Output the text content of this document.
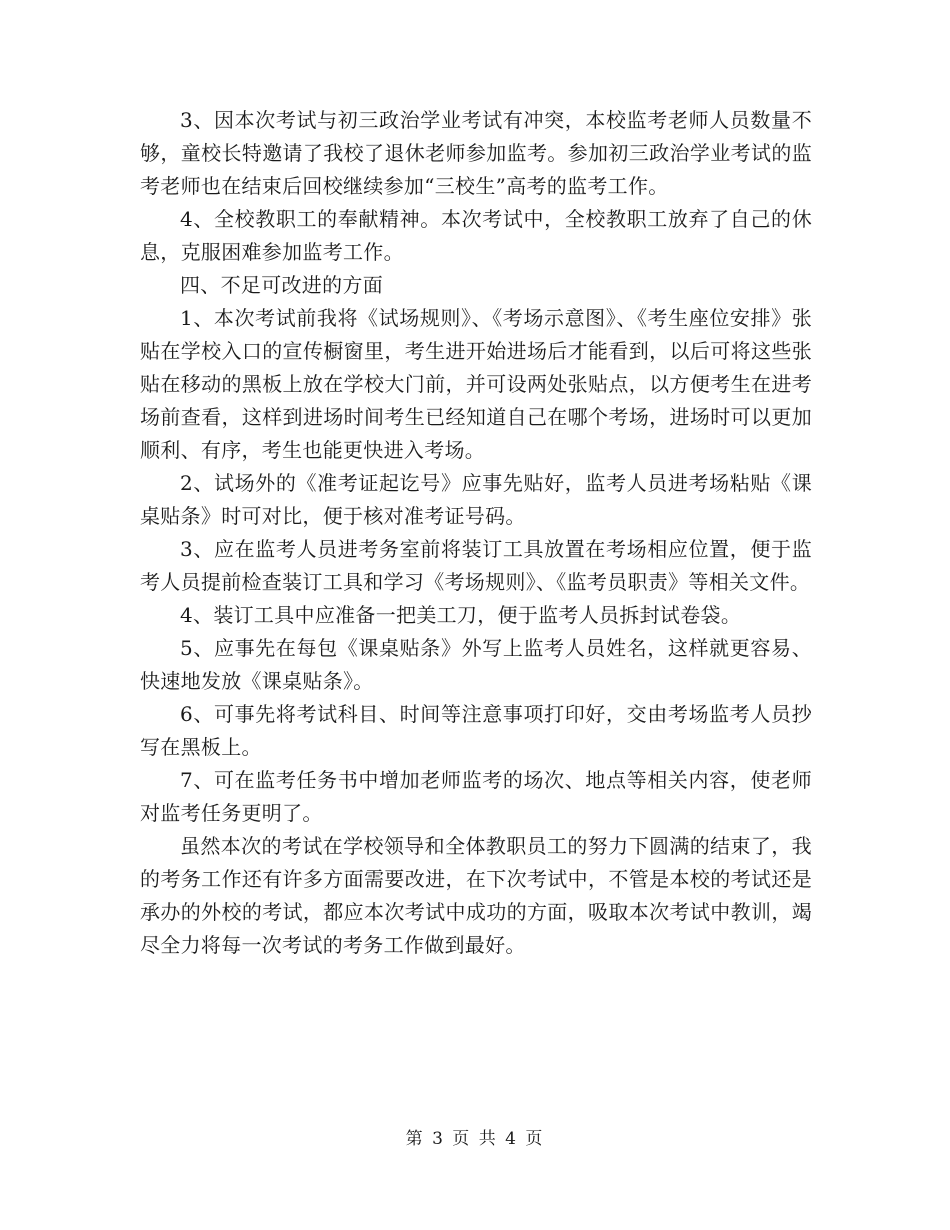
3、因本次考试与初三政治学业考试有冲突，本校监考老师人员数量不够，童校长特邀请了我校了退休老师参加监考。参加初三政治学业考试的监考老师也在结束后回校继续参加“三校生”高考的监考工作。

4、全校教职工的奉献精神。本次考试中，全校教职工放弃了自己的休息，克服困难参加监考工作。

四、不足可改进的方面

1、本次考试前我将《试场规则》、《考场示意图》、《考生座位安排》张贴在学校入口的宣传橱窗里，考生进开始进场后才能看到，以后可将这些张贴在移动的黑板上放在学校大门前，并可设两处张贴点，以方便考生在进考场前查看，这样到进场时间考生已经知道自己在哪个考场，进场时可以更加顺利、有序，考生也能更快进入考场。

2、试场外的《准考证起讫号》应事先贴好，监考人员进考场粘贴《课桌贴条》时可对比，便于核对准考证号码。

3、应在监考人员进考务室前将装订工具放置在考场相应位置，便于监考人员提前检查装订工具和学习《考场规则》、《监考员职责》等相关文件。

4、装订工具中应准备一把美工刀，便于监考人员拆封试卷袋。

5、应事先在每包《课桌贴条》外写上监考人员姓名，这样就更容易、快速地发放《课桌贴条》。

6、可事先将考试科目、时间等注意事项打印好，交由考场监考人员抄写在黑板上。

7、可在监考任务书中增加老师监考的场次、地点等相关内容，使老师对监考任务更明了。

虽然本次的考试在学校领导和全体教职员工的努力下圆满的结束了，我的考务工作还有许多方面需要改进，在下次考试中，不管是本校的考试还是承办的外校的考试，都应本次考试中成功的方面，吸取本次考试中教训，竭尽全力将每一次考试的考务工作做到最好。

第 3 页 共 4 页
